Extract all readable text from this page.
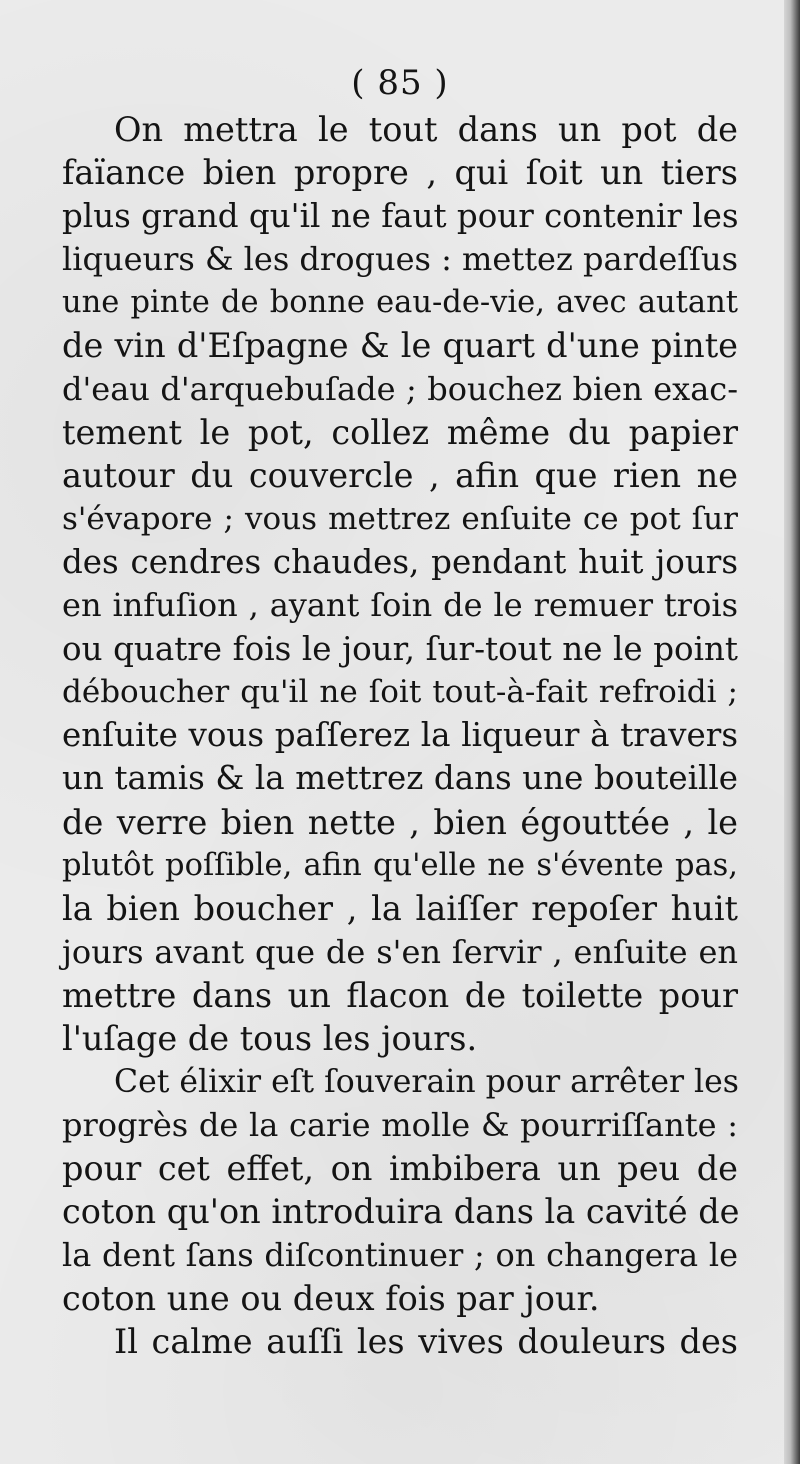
( 85 )
On mettra le tout dans un pot de
faïance bien propre , qui ſoit un tiers
plus grand qu'il ne faut pour contenir les
liqueurs & les drogues : mettez pardeſſus
une pinte de bonne eau-de-vie, avec autant
de vin d'Eſpagne & le quart d'une pinte
d'eau d'arquebuſade ; bouchez bien exac-
tement le pot, collez même du papier
autour du couvercle , afin que rien ne
s'évapore ; vous mettrez enſuite ce pot ſur
des cendres chaudes, pendant huit jours
en infuſion , ayant ſoin de le remuer trois
ou quatre fois le jour, ſur-tout ne le point
déboucher qu'il ne ſoit tout-à-fait refroidi ;
enſuite vous paſſerez la liqueur à travers
un tamis & la mettrez dans une bouteille
de verre bien nette , bien égouttée , le
plutôt poſſible, afin qu'elle ne s'évente pas,
la bien boucher , la laiſſer repoſer huit
jours avant que de s'en ſervir , enſuite en
mettre dans un flacon de toilette pour
l'uſage de tous les jours.
Cet élixir eſt ſouverain pour arrêter les
progrès de la carie molle & pourriſſante :
pour cet effet, on imbibera un peu de
coton qu'on introduira dans la cavité de
la dent ſans diſcontinuer ; on changera le
coton une ou deux fois par jour.
Il calme auſſi les vives douleurs des
